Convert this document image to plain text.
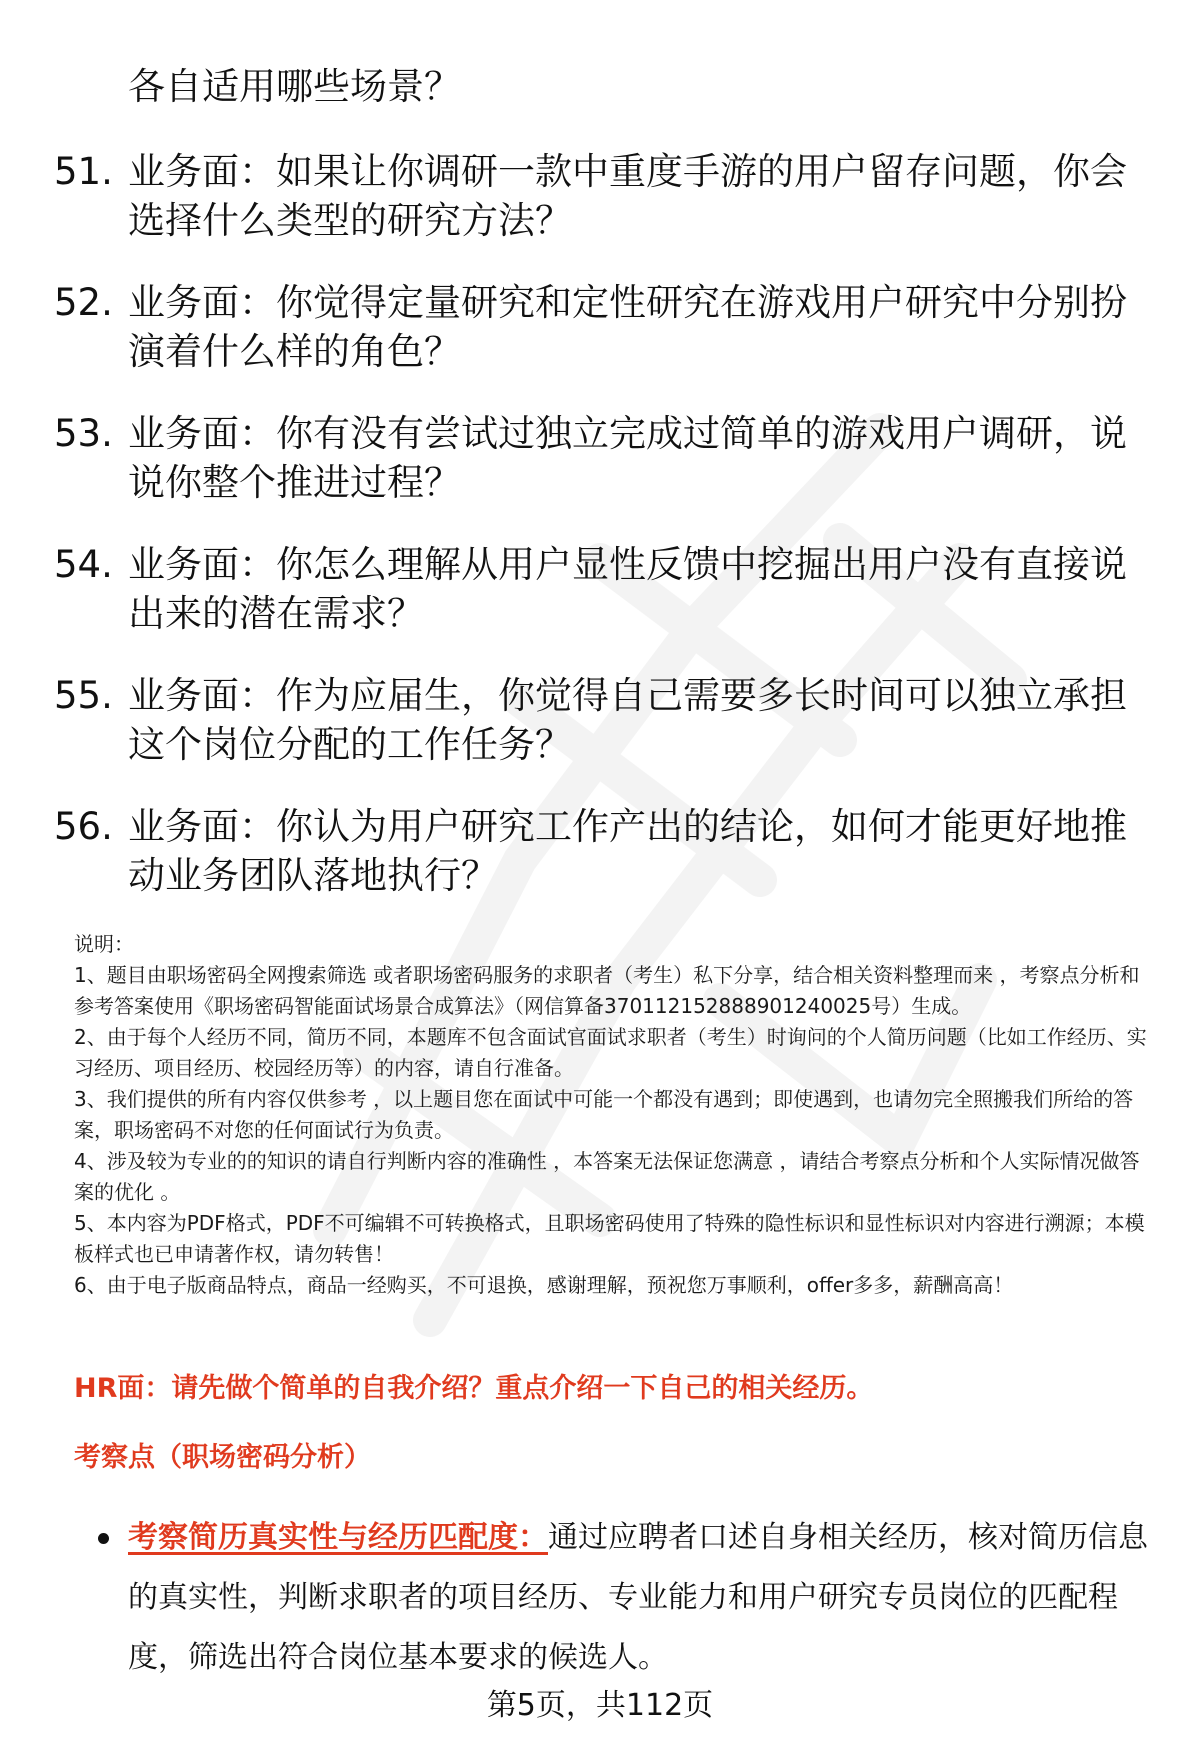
各自适用哪些场景？
51. 业务面：如果让你调研一款中重度手游的用户留存问题，你会选择什么类型的研究方法？
52. 业务面：你觉得定量研究和定性研究在游戏用户研究中分别扮演着什么样的角色？
53. 业务面：你有没有尝试过独立完成过简单的游戏用户调研，说说你整个推进过程？
54. 业务面：你怎么理解从用户显性反馈中挖掘出用户没有直接说出来的潜在需求？
55. 业务面：作为应届生，你觉得自己需要多长时间可以独立承担这个岗位分配的工作任务？
56. 业务面：你认为用户研究工作产出的结论，如何才能更好地推动业务团队落地执行？
说明：
1、题目由职场密码全网搜索筛选 或者职场密码服务的求职者（考生）私下分享，结合相关资料整理而来 ，考察点分析和参考答案使用《职场密码智能面试场景合成算法》（网信算备370112152888901240025号）生成。
2、由于每个人经历不同，简历不同，本题库不包含面试官面试求职者（考生）时询问的个人简历问题（比如工作经历、实习经历、项目经历、校园经历等）的内容，请自行准备。
3、我们提供的所有内容仅供参考 ，以上题目您在面试中可能一个都没有遇到；即使遇到，也请勿完全照搬我们所给的答案，职场密码不对您的任何面试行为负责。
4、涉及较为专业的的知识的请自行判断内容的准确性 ，本答案无法保证您满意 ，请结合考察点分析和个人实际情况做答案的优化 。
5、本内容为PDF格式，PDF不可编辑不可转换格式，且职场密码使用了特殊的隐性标识和显性标识对内容进行溯源；本模板样式也已申请著作权，请勿转售！
6、由于电子版商品特点，商品一经购买，不可退换，感谢理解，预祝您万事顺利，offer多多，薪酬高高！
HR面：请先做个简单的自我介绍？重点介绍一下自己的相关经历。
考察点（职场密码分析）
考察简历真实性与经历匹配度：通过应聘者口述自身相关经历，核对简历信息的真实性，判断求职者的项目经历、专业能力和用户研究专员岗位的匹配程度，筛选出符合岗位基本要求的候选人。
第5页，共112页
